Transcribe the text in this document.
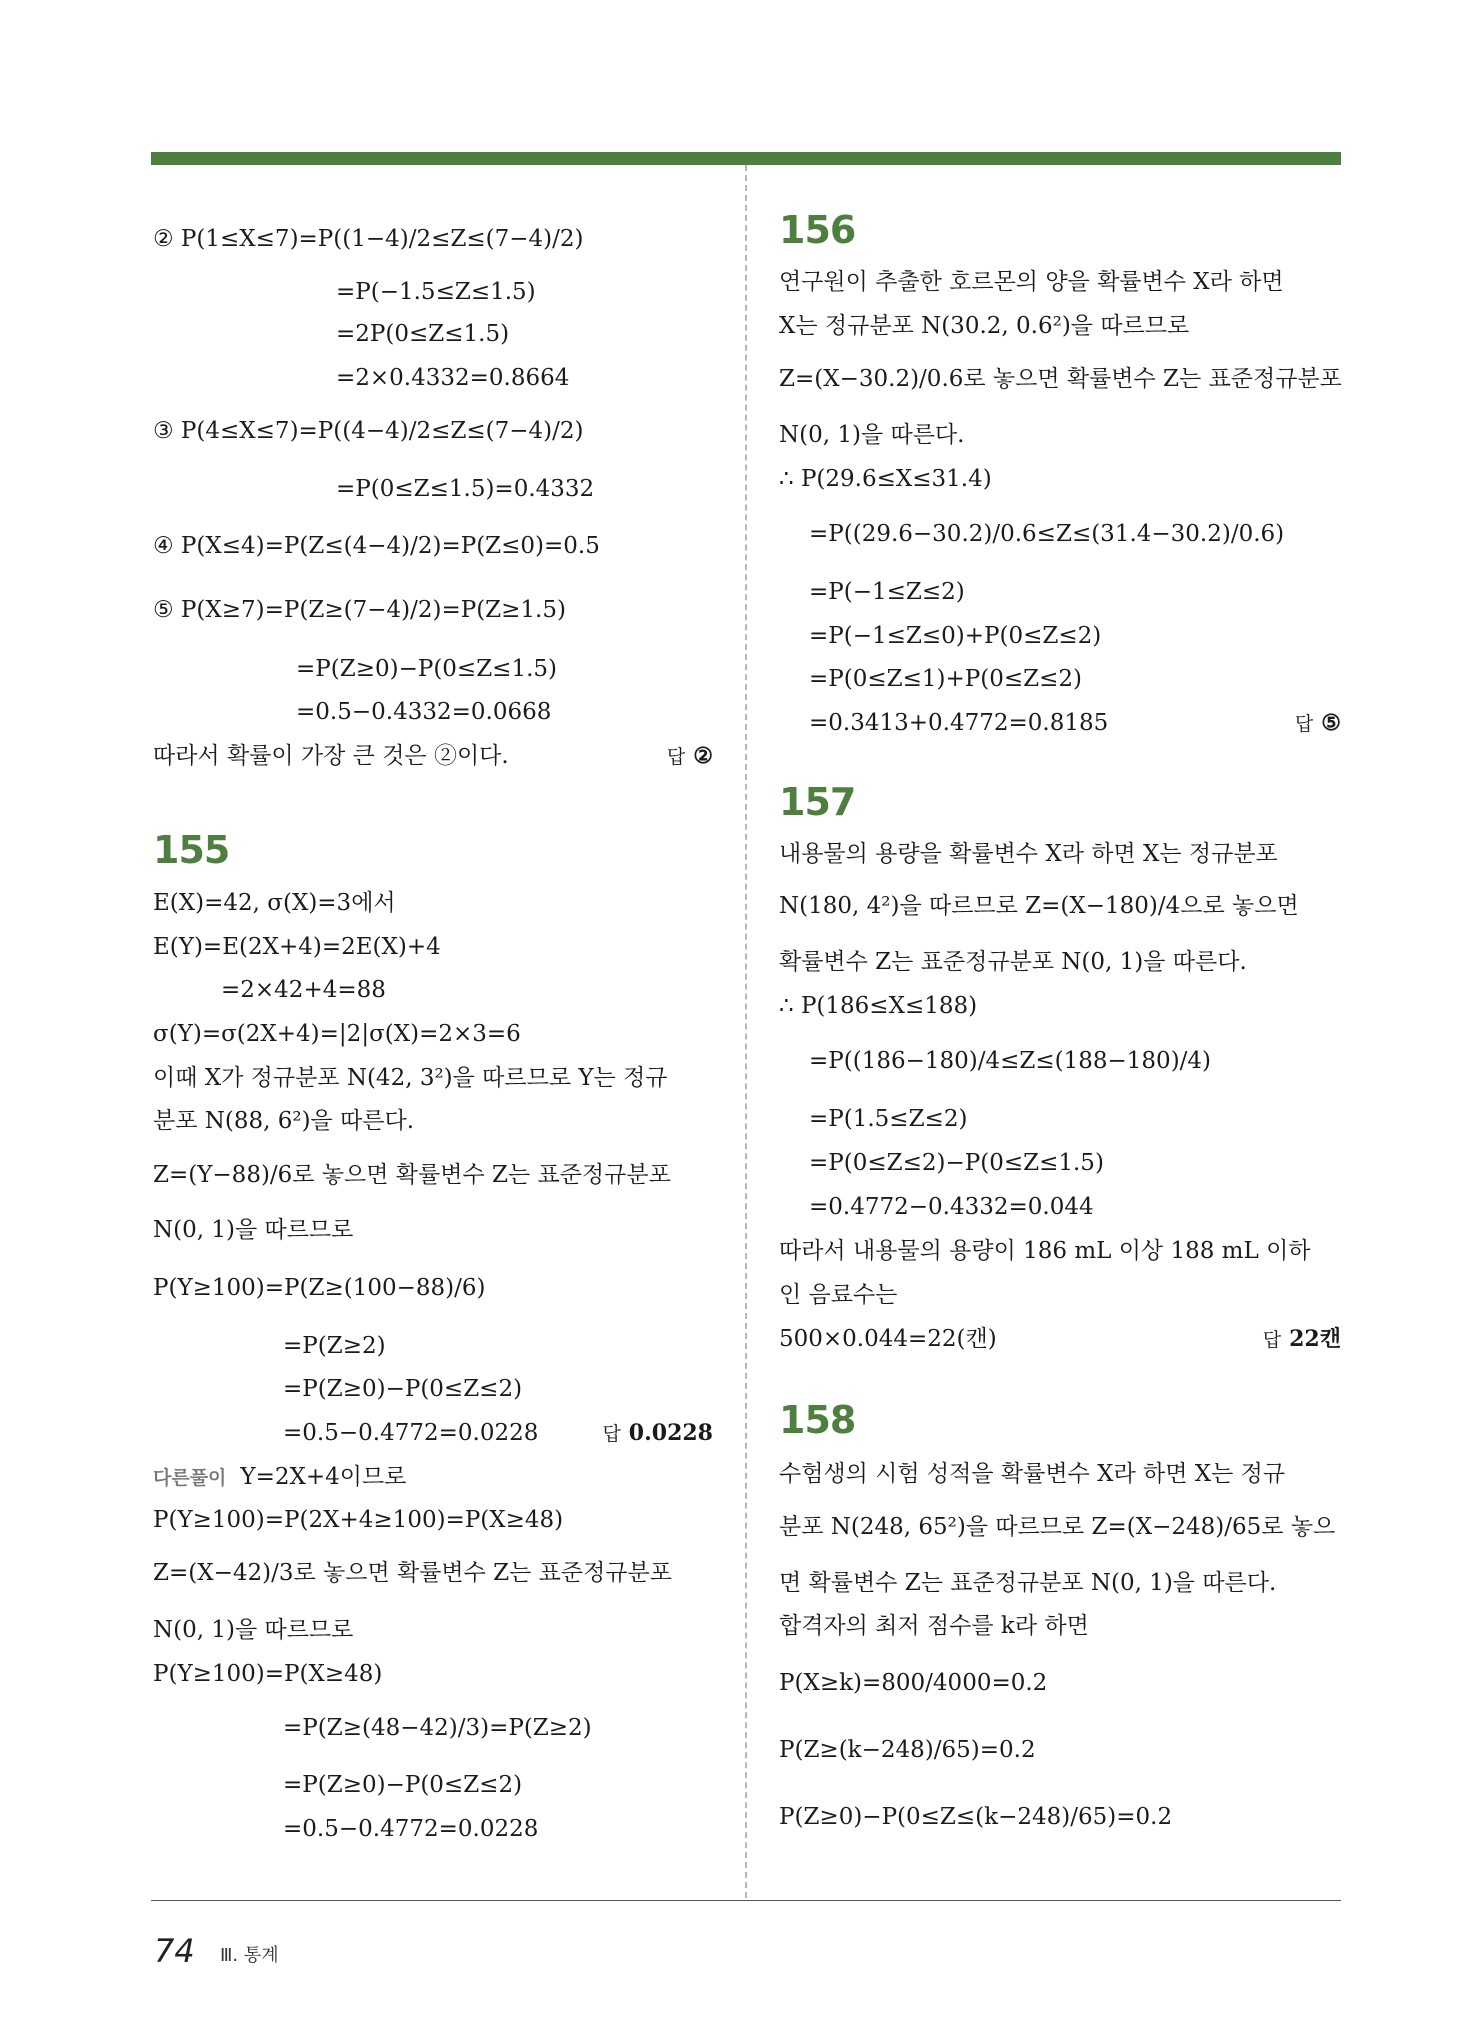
② P(1≤X≤7)=P((1−4)/2≤Z≤(7−4)/2)
=P(−1.5≤Z≤1.5)
=2P(0≤Z≤1.5)
=2×0.4332=0.8664
③ P(4≤X≤7)=P((4−4)/2≤Z≤(7−4)/2)
=P(0≤Z≤1.5)=0.4332
④ P(X≤4)=P(Z≤(4−4)/2)=P(Z≤0)=0.5
⑤ P(X≥7)=P(Z≥(7−4)/2)=P(Z≥1.5)
=P(Z≥0)−P(0≤Z≤1.5)
=0.5−0.4332=0.0668
따라서 확률이 가장 큰 것은 ②이다.	답 ②
155
E(X)=42, σ(X)=3에서
E(Y)=E(2X+4)=2E(X)+4
=2×42+4=88
σ(Y)=σ(2X+4)=|2|σ(X)=2×3=6
이때 X가 정규분포 N(42, 3²)을 따르므로 Y는 정규
분포 N(88, 6²)을 따른다.
Z=(Y−88)/6로 놓으면 확률변수 Z는 표준정규분포
N(0, 1)을 따르므로
P(Y≥100)=P(Z≥(100−88)/6)
=P(Z≥2)
=P(Z≥0)−P(0≤Z≤2)
=0.5−0.4772=0.0228	답 0.0228
다른풀이 Y=2X+4이므로
P(Y≥100)=P(2X+4≥100)=P(X≥48)
Z=(X−42)/3로 놓으면 확률변수 Z는 표준정규분포
N(0, 1)을 따르므로
P(Y≥100)=P(X≥48)
=P(Z≥(48−42)/3)=P(Z≥2)
=P(Z≥0)−P(0≤Z≤2)
=0.5−0.4772=0.0228
156
연구원이 추출한 호르몬의 양을 확률변수 X라 하면
X는 정규분포 N(30.2, 0.6²)을 따르므로
Z=(X−30.2)/0.6로 놓으면 확률변수 Z는 표준정규분포
N(0, 1)을 따른다.
∴ P(29.6≤X≤31.4)
=P((29.6−30.2)/0.6≤Z≤(31.4−30.2)/0.6)
=P(−1≤Z≤2)
=P(−1≤Z≤0)+P(0≤Z≤2)
=P(0≤Z≤1)+P(0≤Z≤2)
=0.3413+0.4772=0.8185	답 ⑤
157
내용물의 용량을 확률변수 X라 하면 X는 정규분포
N(180, 4²)을 따르므로 Z=(X−180)/4으로 놓으면
확률변수 Z는 표준정규분포 N(0, 1)을 따른다.
∴ P(186≤X≤188)
=P((186−180)/4≤Z≤(188−180)/4)
=P(1.5≤Z≤2)
=P(0≤Z≤2)−P(0≤Z≤1.5)
=0.4772−0.4332=0.044
따라서 내용물의 용량이 186 mL 이상 188 mL 이하
인 음료수는
500×0.044=22(캔)	답 22캔
158
수험생의 시험 성적을 확률변수 X라 하면 X는 정규
분포 N(248, 65²)을 따르므로 Z=(X−248)/65로 놓으
면 확률변수 Z는 표준정규분포 N(0, 1)을 따른다.
합격자의 최저 점수를 k라 하면
P(X≥k)=800/4000=0.2
P(Z≥(k−248)/65)=0.2
P(Z≥0)−P(0≤Z≤(k−248)/65)=0.2
74 Ⅲ. 통계
